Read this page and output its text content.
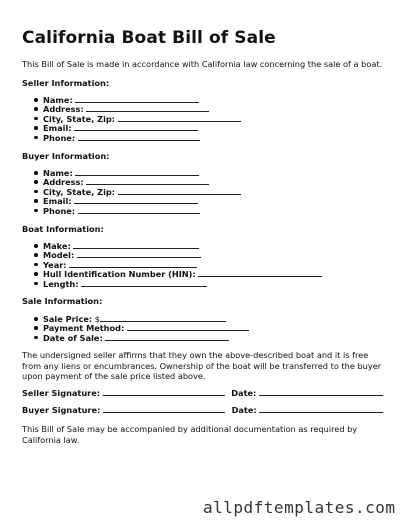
California Boat Bill of Sale

This Bill of Sale is made in accordance with California law concerning the sale of a boat.

Seller Information:

Name:
Address:
City, State, Zip:
Email:
Phone:

Buyer Information:

Name:
Address:
City, State, Zip:
Email:
Phone:

Boat Information:

Make:
Model:
Year:
Hull Identification Number (HIN):
Length:

Sale Information:

Sale Price: $
Payment Method:
Date of Sale:

The undersigned seller affirms that they own the above-described boat and it is free from any liens or encumbrances. Ownership of the boat will be transferred to the buyer upon payment of the sale price listed above.

Seller Signature:	Date:
Buyer Signature:	Date:

This Bill of Sale may be accompanied by additional documentation as required by California law.

allpdftemplates.com
